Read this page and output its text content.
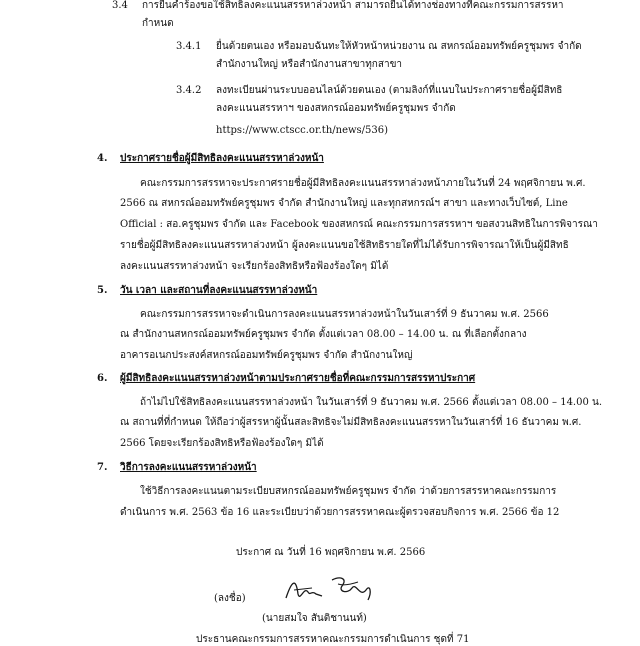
3.4 การยื่นคำร้องขอใช้สิทธิลงคะแนนสรรหาล่วงหน้า สามารถยื่นได้ทางช่องทางที่คณะกรรมการสรรหา
กำหนด
3.4.1 ยื่นด้วยตนเอง หรือมอบฉันทะให้หัวหน้าหน่วยงาน ณ สหกรณ์ออมทรัพย์ครูชุมพร จำกัด
สำนักงานใหญ่ หรือสำนักงานสาขาทุกสาขา
3.4.2 ลงทะเบียนผ่านระบบออนไลน์ด้วยตนเอง (ตามลิงก์ที่แนบในประกาศรายชื่อผู้มีสิทธิ
ลงคะแนนสรรหาฯ ของสหกรณ์ออมทรัพย์ครูชุมพร จำกัด
https://www.ctscc.or.th/news/536)
4. ประกาศรายชื่อผู้มีสิทธิลงคะแนนสรรหาล่วงหน้า
คณะกรรมการสรรหาจะประกาศรายชื่อผู้มีสิทธิลงคะแนนสรรหาล่วงหน้าภายในวันที่ 24 พฤศจิกายน พ.ศ.
2566 ณ สหกรณ์ออมทรัพย์ครูชุมพร จำกัด สำนักงานใหญ่ และทุกสหกรณ์ฯ สาขา และทางเว็บไซต์, Line
Official : สอ.ครูชุมพร จำกัด และ Facebook ของสหกรณ์ คณะกรรมการสรรหาฯ ขอสงวนสิทธิในการพิจารณา
รายชื่อผู้มีสิทธิลงคะแนนสรรหาล่วงหน้า ผู้ลงคะแนนขอใช้สิทธิรายใดที่ไม่ได้รับการพิจารณาให้เป็นผู้มีสิทธิ
ลงคะแนนสรรหาล่วงหน้า จะเรียกร้องสิทธิหรือฟ้องร้องใดๆ มิได้
5. วัน เวลา และสถานที่ลงคะแนนสรรหาล่วงหน้า
คณะกรรมการสรรหาจะดำเนินการลงคะแนนสรรหาล่วงหน้าในวันเสาร์ที่ 9 ธันวาคม พ.ศ. 2566
ณ สำนักงานสหกรณ์ออมทรัพย์ครูชุมพร จำกัด ตั้งแต่เวลา 08.00 – 14.00 น. ณ ที่เลือกตั้งกลาง
อาคารอเนกประสงค์สหกรณ์ออมทรัพย์ครูชุมพร จำกัด สำนักงานใหญ่
6. ผู้มีสิทธิลงคะแนนสรรหาล่วงหน้าตามประกาศรายชื่อที่คณะกรรมการสรรหาประกาศ
ถ้าไม่ไปใช้สิทธิลงคะแนนสรรหาล่วงหน้า ในวันเสาร์ที่ 9 ธันวาคม พ.ศ. 2566 ตั้งแต่เวลา 08.00 – 14.00 น.
ณ สถานที่ที่กำหนด ให้ถือว่าผู้สรรหาผู้นั้นสละสิทธิจะไม่มีสิทธิลงคะแนนสรรหาในวันเสาร์ที่ 16 ธันวาคม พ.ศ.
2566 โดยจะเรียกร้องสิทธิหรือฟ้องร้องใดๆ มิได้
7. วิธีการลงคะแนนสรรหาล่วงหน้า
ใช้วิธีการลงคะแนนตามระเบียบสหกรณ์ออมทรัพย์ครูชุมพร จำกัด ว่าด้วยการสรรหาคณะกรรมการ
ดำเนินการ พ.ศ. 2563 ข้อ 16 และระเบียบว่าด้วยการสรรหาคณะผู้ตรวจสอบกิจการ พ.ศ. 2566 ข้อ 12
ประกาศ ณ วันที่ 16 พฤศจิกายน พ.ศ. 2566
(ลงชื่อ)
(นายสมใจ สันติชานนท์)
ประธานคณะกรรมการสรรหาคณะกรรมการดำเนินการ ชุดที่ 71
